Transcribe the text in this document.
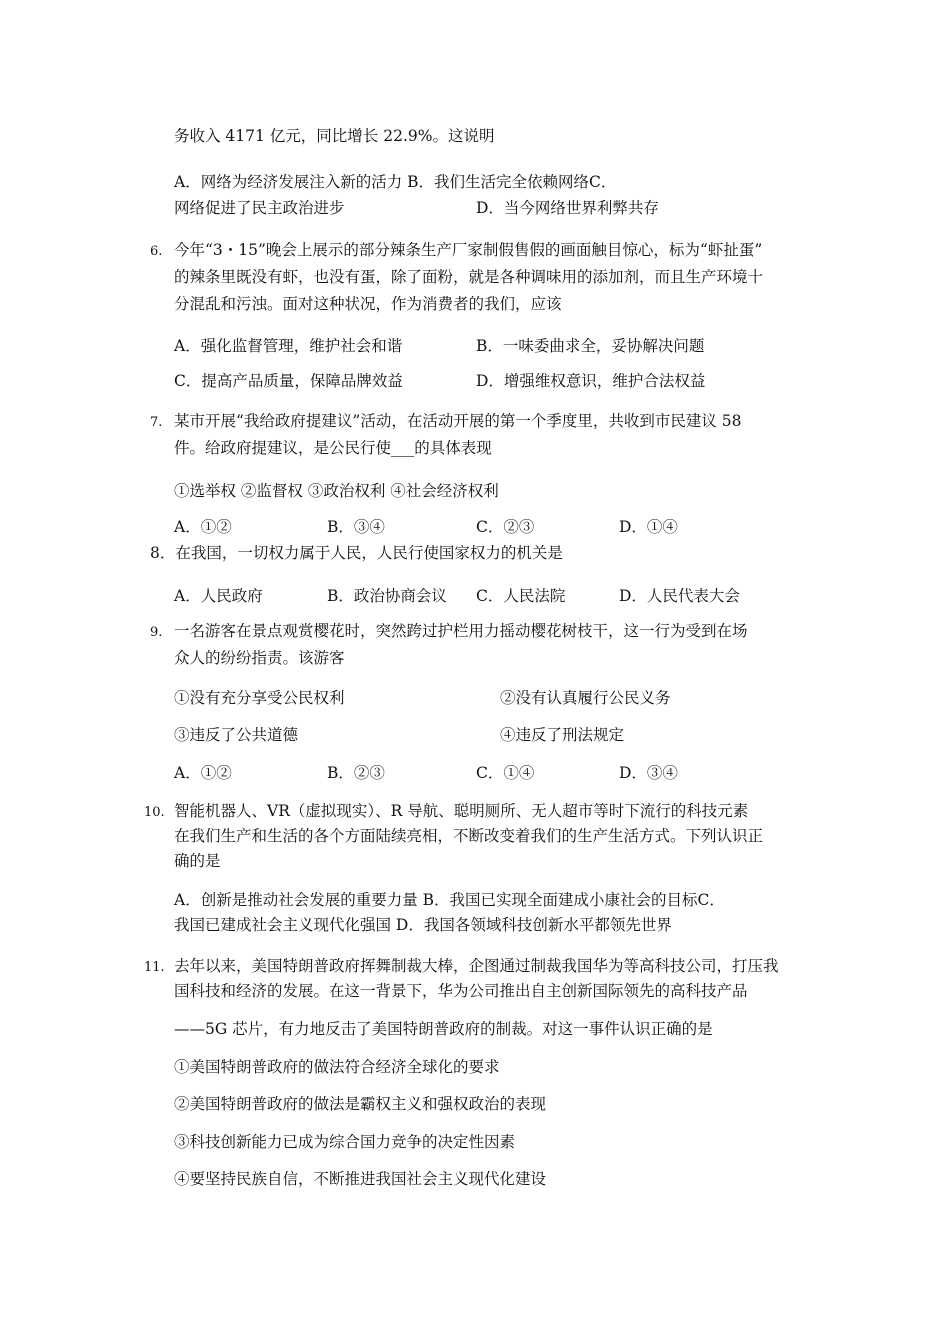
务收入 4171 亿元，同比增长 22.9%。这说明
A．网络为经济发展注入新的活力 B．我们生活完全依赖网络C．
网络促进了民主政治进步	D．当今网络世界利弊共存
6. 今年“3・15”晚会上展示的部分辣条生产厂家制假售假的画面触目惊心，标为“虾扯蛋”
的辣条里既没有虾，也没有蛋，除了面粉，就是各种调味用的添加剂，而且生产环境十
分混乱和污浊。面对这种状况，作为消费者的我们，应该
A．强化监督管理，维护社会和谐	B．一味委曲求全，妥协解决问题
C．提高产品质量，保障品牌效益	D．增强维权意识，维护合法权益
7. 某市开展“我给政府提建议”活动，在活动开展的第一个季度里，共收到市民建议 58
件。给政府提建议，是公民行使___的具体表现
①选举权 ②监督权 ③政治权利 ④社会经济权利
A．①②	B．③④	C．②③	D．①④
8．在我国，一切权力属于人民，人民行使国家权力的机关是
A．人民政府	B．政治协商会议 C．人民法院	D．人民代表大会
9. 一名游客在景点观赏樱花时，突然跨过护栏用力摇动樱花树枝干，这一行为受到在场
众人的纷纷指责。该游客
①没有充分享受公民权利	②没有认真履行公民义务
③违反了公共道德	④违反了刑法规定
A．①②	B．②③	C．①④	D．③④
10. 智能机器人、VR（虚拟现实）、R 导航、聪明厕所、无人超市等时下流行的科技元素
在我们生产和生活的各个方面陆续亮相，不断改变着我们的生产生活方式。下列认识正
确的是
A．创新是推动社会发展的重要力量 B．我国已实现全面建成小康社会的目标C．
我国已建成社会主义现代化强国 D．我国各领域科技创新水平都领先世界
11. 去年以来，美国特朗普政府挥舞制裁大棒，企图通过制裁我国华为等高科技公司，打压我
国科技和经济的发展。在这一背景下，华为公司推出自主创新国际领先的高科技产品
——5G 芯片，有力地反击了美国特朗普政府的制裁。对这一事件认识正确的是
①美国特朗普政府的做法符合经济全球化的要求
②美国特朗普政府的做法是霸权主义和强权政治的表现
③科技创新能力已成为综合国力竞争的决定性因素
④要坚持民族自信，不断推进我国社会主义现代化建设
